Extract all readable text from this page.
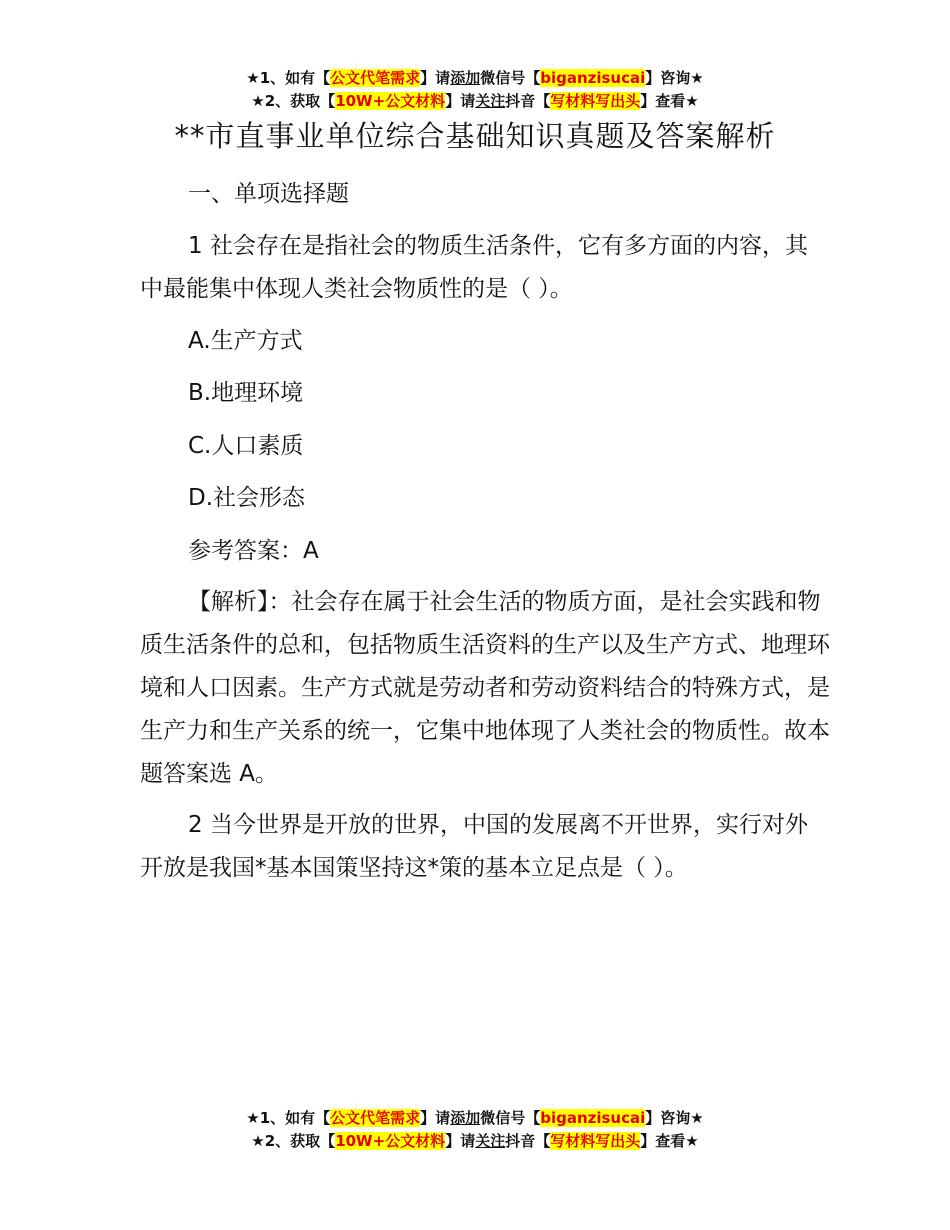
★1、如有【公文代笔需求】请添加微信号【biganzisucai】咨询★
★2、获取【10W+公文材料】请关注抖音【写材料写出头】查看★
**市直事业单位综合基础知识真题及答案解析

一、单项选择题

1 社会存在是指社会的物质生活条件，它有多方面的内容，其中最能集中体现人类社会物质性的是（ ）。

A.生产方式

B.地理环境

C.人口素质

D.社会形态

参考答案：A

【解析】：社会存在属于社会生活的物质方面，是社会实践和物质生活条件的总和，包括物质生活资料的生产以及生产方式、地理环境和人口因素。生产方式就是劳动者和劳动资料结合的特殊方式，是生产力和生产关系的统一，它集中地体现了人类社会的物质性。故本题答案选 A。

2 当今世界是开放的世界，中国的发展离不开世界，实行对外开放是我国*基本国策坚持这*策的基本立足点是（ ）。

★1、如有【公文代笔需求】请添加微信号【biganzisucai】咨询★
★2、获取【10W+公文材料】请关注抖音【写材料写出头】查看★
